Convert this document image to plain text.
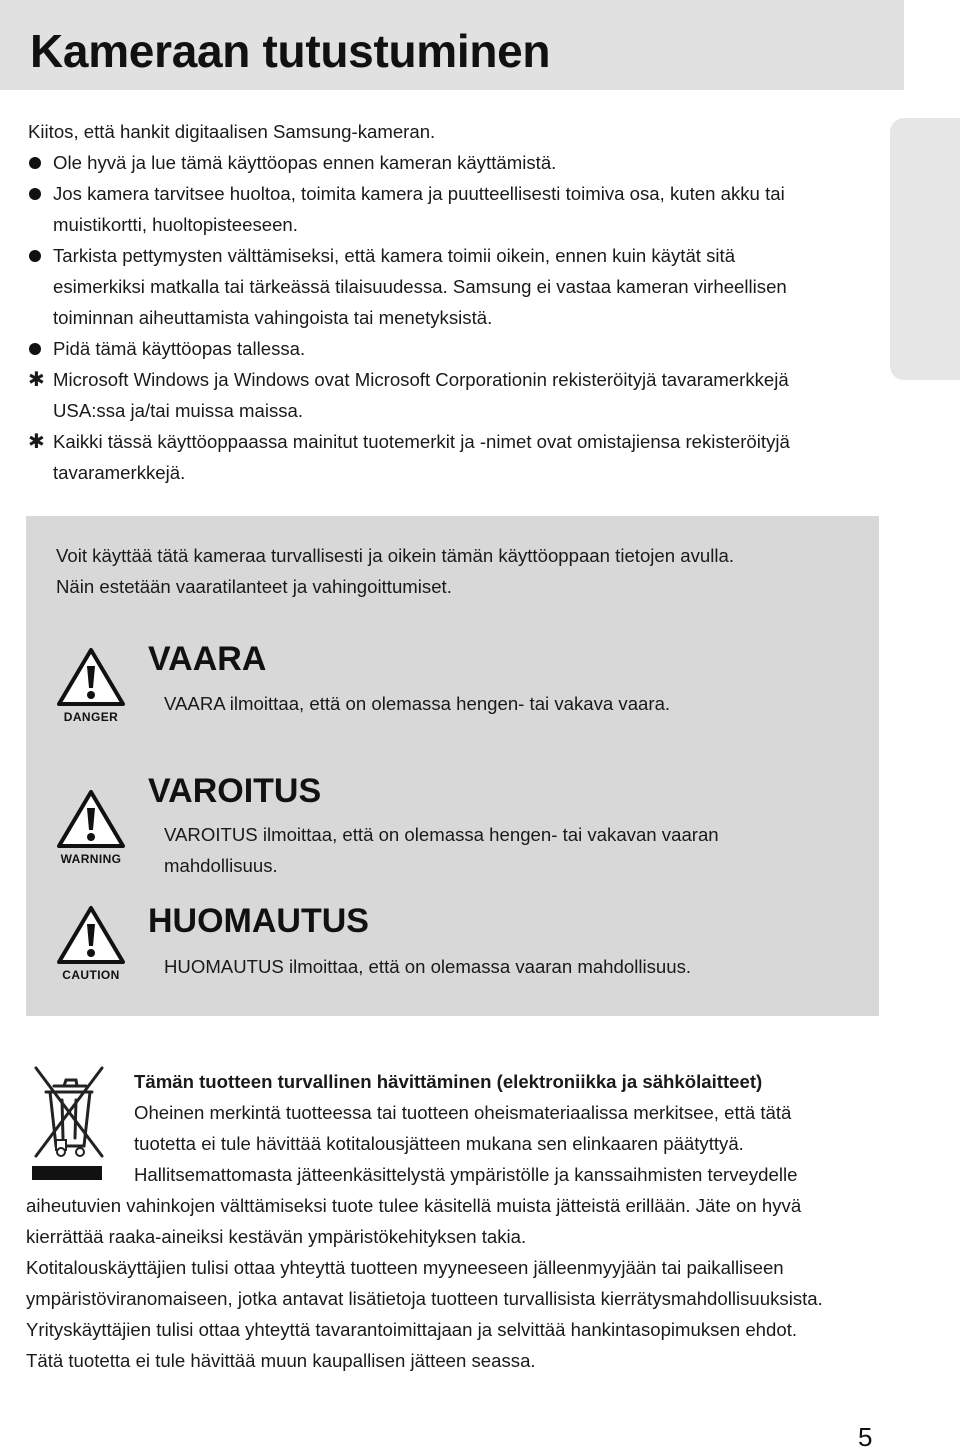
Kameraan tutustuminen
Kiitos, että hankit digitaalisen Samsung-kameran.
Ole hyvä ja lue tämä käyttöopas ennen kameran käyttämistä.
Jos kamera tarvitsee huoltoa, toimita kamera ja puutteellisesti toimiva osa, kuten akku tai
muistikortti, huoltopisteeseen.
Tarkista pettymysten välttämiseksi, että kamera toimii oikein, ennen kuin käytät sitä
esimerkiksi matkalla tai tärkeässä tilaisuudessa. Samsung ei vastaa kameran virheellisen
toiminnan aiheuttamista vahingoista tai menetyksistä.
Pidä tämä käyttöopas tallessa.
✱ Microsoft Windows ja Windows ovat Microsoft Corporationin rekisteröityjä tavaramerkkejä
USA:ssa ja/tai muissa maissa.
✱ Kaikki tässä käyttöoppaassa mainitut tuotemerkit ja -nimet ovat omistajiensa rekisteröityjä
tavaramerkkejä.
Voit käyttää tätä kameraa turvallisesti ja oikein tämän käyttöoppaan tietojen avulla.
Näin estetään vaaratilanteet ja vahingoittumiset.
DANGER
VAARA
VAARA ilmoittaa, että on olemassa hengen- tai vakava vaara.
WARNING
VAROITUS
VAROITUS ilmoittaa, että on olemassa hengen- tai vakavan vaaran
mahdollisuus.
CAUTION
HUOMAUTUS
HUOMAUTUS ilmoittaa, että on olemassa vaaran mahdollisuus.
Tämän tuotteen turvallinen hävittäminen (elektroniikka ja sähkölaitteet)
Oheinen merkintä tuotteessa tai tuotteen oheismateriaalissa merkitsee, että tätä
tuotetta ei tule hävittää kotitalousjätteen mukana sen elinkaaren päätyttyä.
Hallitsemattomasta jätteenkäsittelystä ympäristölle ja kanssaihmisten terveydelle
aiheutuvien vahinkojen välttämiseksi tuote tulee käsitellä muista jätteistä erillään. Jäte on hyvä
kierrättää raaka-aineiksi kestävän ympäristökehityksen takia.
Kotitalouskäyttäjien tulisi ottaa yhteyttä tuotteen myyneeseen jälleenmyyjään tai paikalliseen
ympäristöviranomaiseen, jotka antavat lisätietoja tuotteen turvallisista kierrätysmahdollisuuksista.
Yrityskäyttäjien tulisi ottaa yhteyttä tavarantoimittajaan ja selvittää hankintasopimuksen ehdot.
Tätä tuotetta ei tule hävittää muun kaupallisen jätteen seassa.
5
